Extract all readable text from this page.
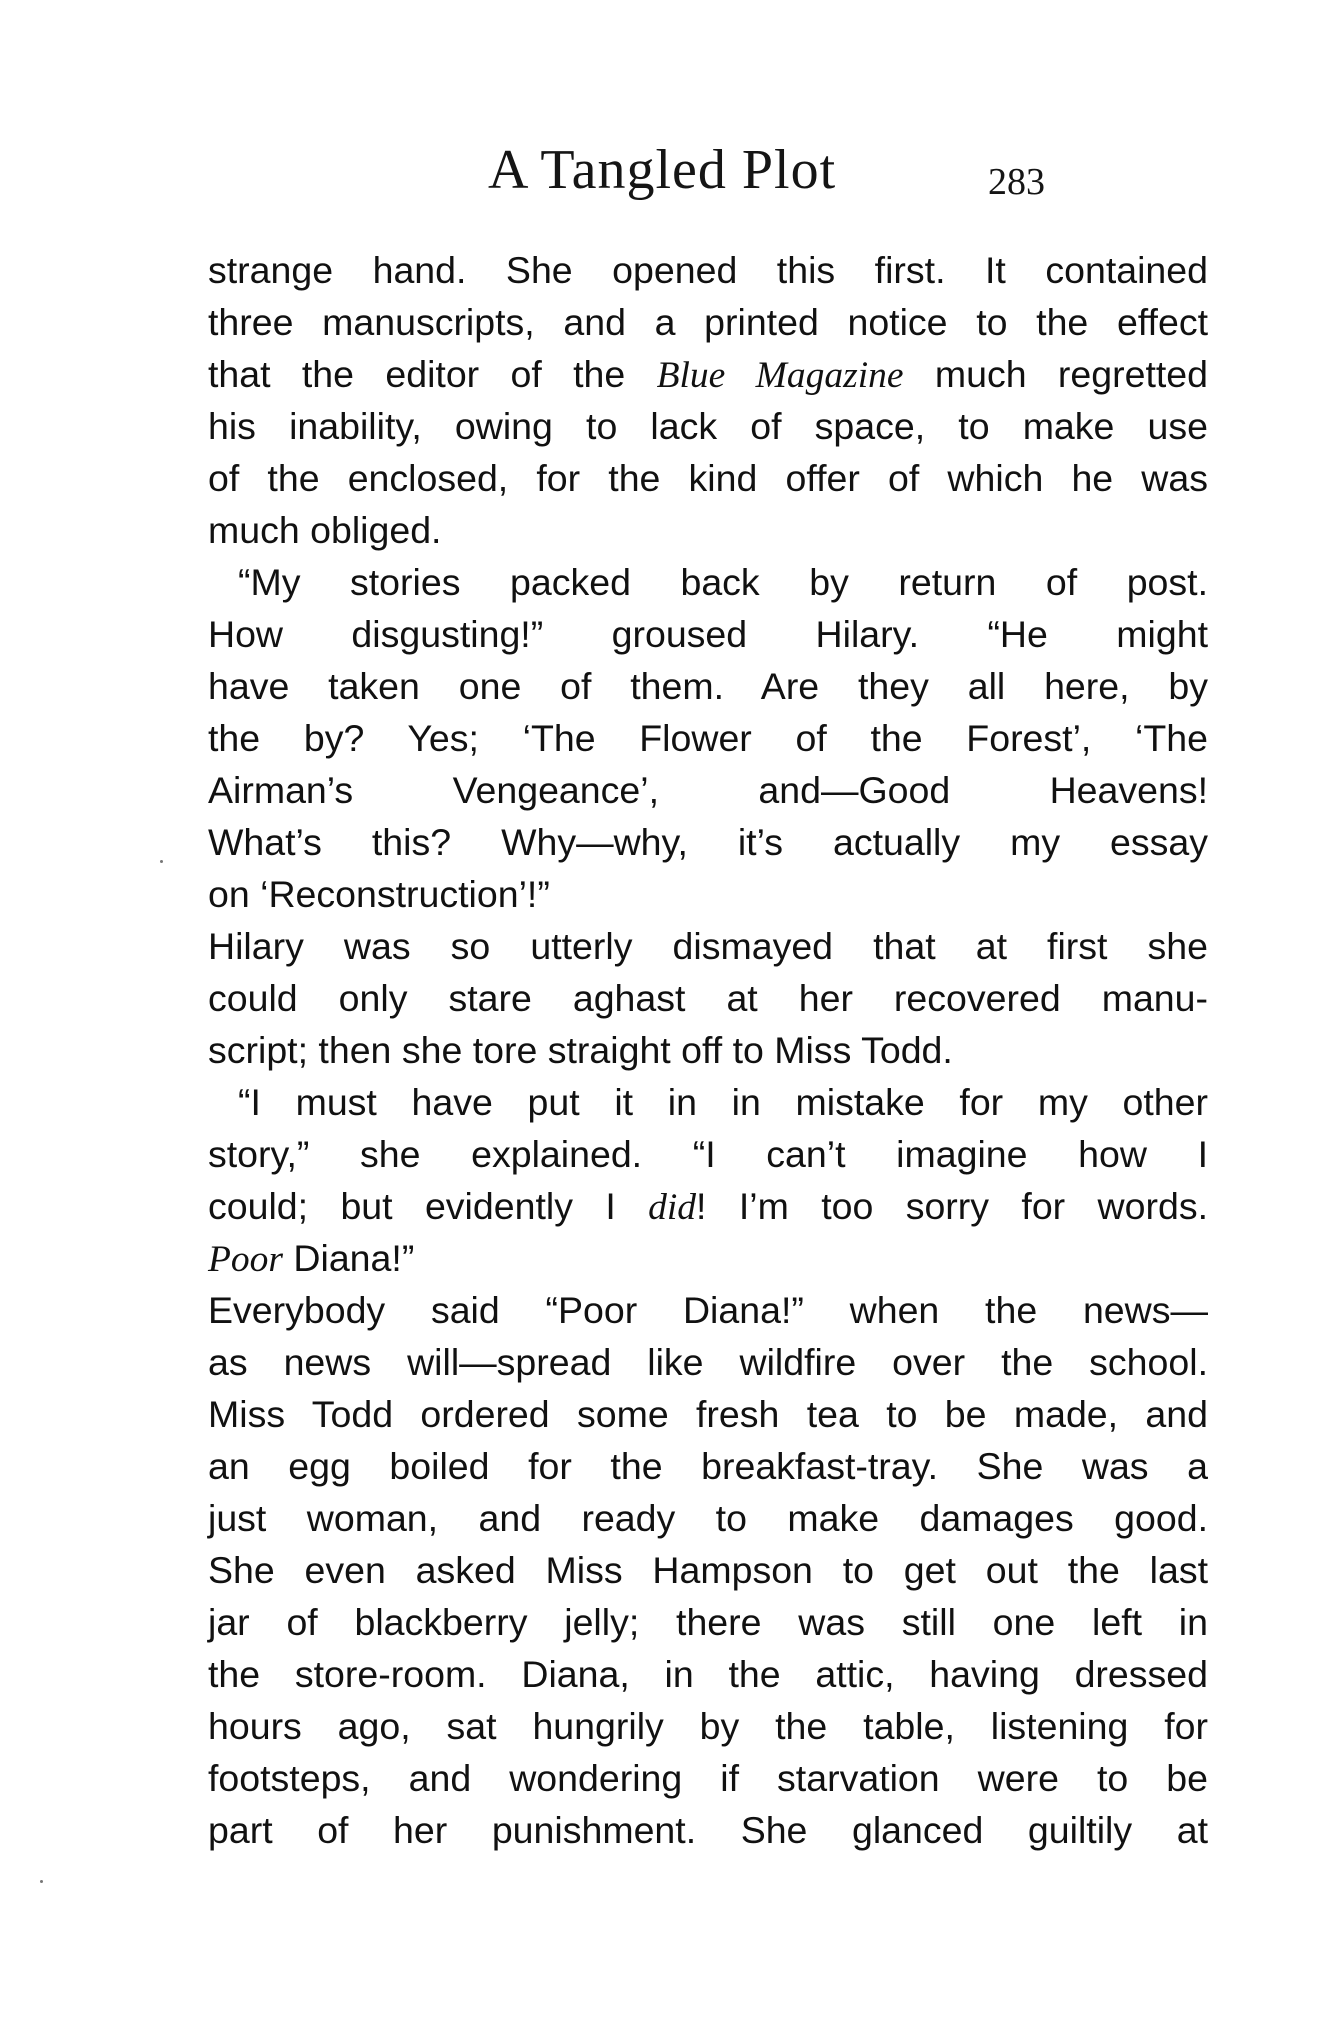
A Tangled Plot	283
strange hand. She opened this first. It contained
three manuscripts, and a printed notice to the effect
that the editor of the Blue Magazine much regretted
his inability, owing to lack of space, to make use
of the enclosed, for the kind offer of which he was
much obliged.
“My stories packed back by return of post.
How disgusting!” groused Hilary. “He might
have taken one of them. Are they all here, by
the by? Yes; ‘The Flower of the Forest’, ‘The
Airman’s Vengeance’, and—Good Heavens!
What’s this? Why—why, it’s actually my essay
on ‘Reconstruction’!”
Hilary was so utterly dismayed that at first she
could only stare aghast at her recovered manu-
script; then she tore straight off to Miss Todd.
“I must have put it in in mistake for my other
story,” she explained. “I can’t imagine how I
could; but evidently I did! I’m too sorry for words.
Poor Diana!”
Everybody said “Poor Diana!” when the news—
as news will—spread like wildfire over the school.
Miss Todd ordered some fresh tea to be made, and
an egg boiled for the breakfast-tray. She was a
just woman, and ready to make damages good.
She even asked Miss Hampson to get out the last
jar of blackberry jelly; there was still one left in
the store-room. Diana, in the attic, having dressed
hours ago, sat hungrily by the table, listening for
footsteps, and wondering if starvation were to be
part of her punishment. She glanced guiltily at
